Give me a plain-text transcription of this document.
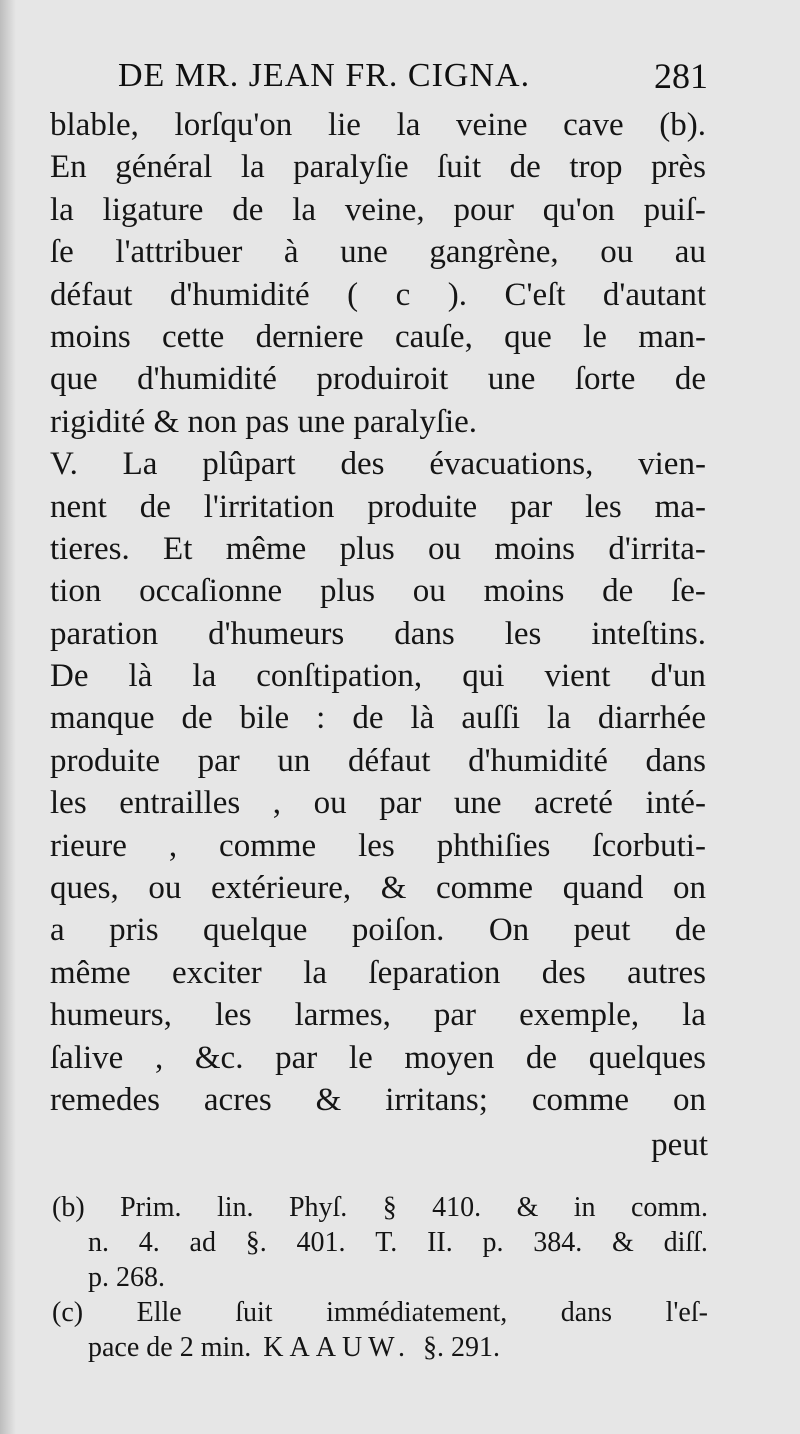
DE MR. JEAN FR. CIGNA.	281
blable, lorſqu'on lie la veine cave (b).
En général la paralyſie ſuit de trop près
la ligature de la veine, pour qu'on puiſ-
ſe l'attribuer à une gangrène, ou au
défaut d'humidité ( c ). C'eſt d'autant
moins cette derniere cauſe, que le man-
que d'humidité produiroit une ſorte de
rigidité & non pas une paralyſie.
V. La plûpart des évacuations, vien-
nent de l'irritation produite par les ma-
tieres. Et même plus ou moins d'irrita-
tion occaſionne plus ou moins de ſe-
paration d'humeurs dans les inteſtins.
De là la conſtipation, qui vient d'un
manque de bile : de là auſſi la diarrhée
produite par un défaut d'humidité dans
les entrailles , ou par une acreté inté-
rieure , comme les phthiſies ſcorbuti-
ques, ou extérieure, & comme quand on
a pris quelque poiſon. On peut de
même exciter la ſeparation des autres
humeurs, les larmes, par exemple, la
ſalive , &c. par le moyen de quelques
remedes acres & irritans; comme on
peut
(b) Prim. lin. Phyſ. § 410. & in comm.
n. 4. ad §. 401. T. II. p. 384. & diſſ.
p. 268.
(c) Elle ſuit immédiatement, dans l'eſ-
pace de 2 min. KAAUW. §. 291.
